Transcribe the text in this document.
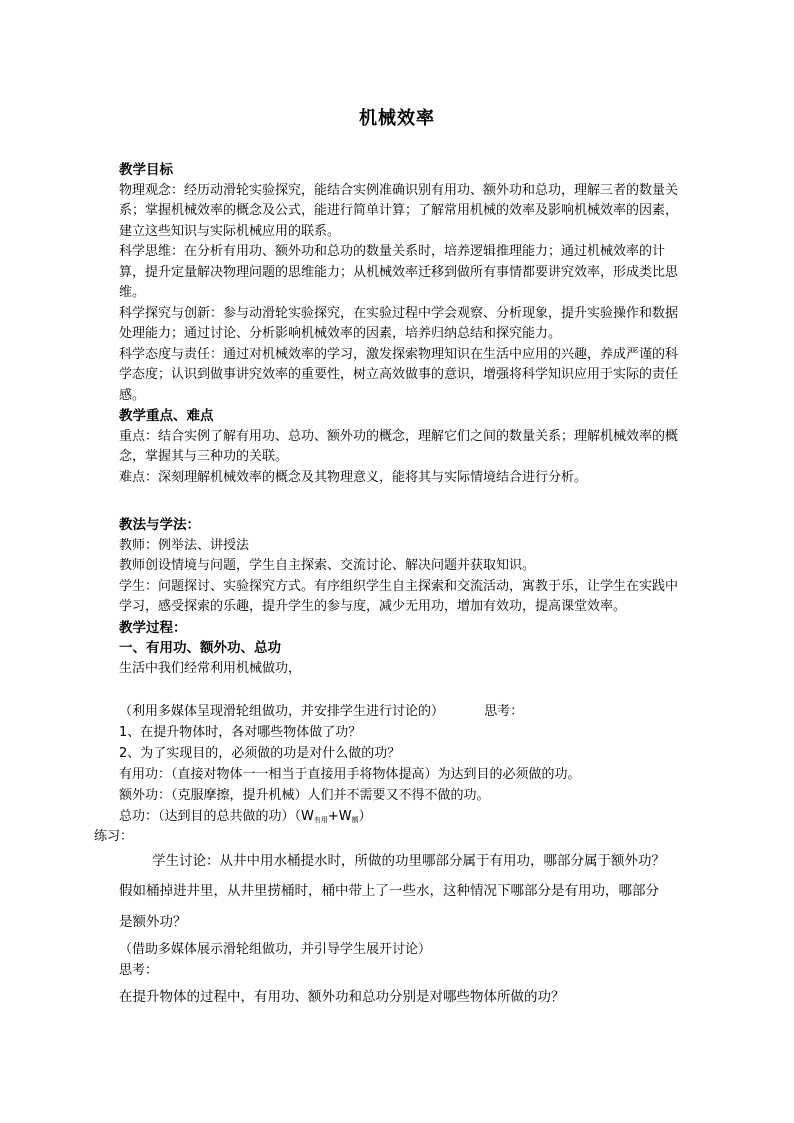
机械效率

教学目标

物理观念：经历动滑轮实验探究，能结合实例准确识别有用功、额外功和总功，理解三者的数量关系；掌握机械效率的概念及公式，能进行简单计算；了解常用机械的效率及影响机械效率的因素，建立这些知识与实际机械应用的联系。

科学思维：在分析有用功、额外功和总功的数量关系时，培养逻辑推理能力；通过机械效率的计算，提升定量解决物理问题的思维能力；从机械效率迁移到做所有事情都要讲究效率，形成类比思维。

科学探究与创新：参与动滑轮实验探究，在实验过程中学会观察、分析现象，提升实验操作和数据处理能力；通过讨论、分析影响机械效率的因素，培养归纳总结和探究能力。

科学态度与责任：通过对机械效率的学习，激发探索物理知识在生活中应用的兴趣，养成严谨的科学态度；认识到做事讲究效率的重要性，树立高效做事的意识，增强将科学知识应用于实际的责任感。

教学重点、难点

重点：结合实例了解有用功、总功、额外功的概念，理解它们之间的数量关系；理解机械效率的概念，掌握其与三种功的关联。

难点：深刻理解机械效率的概念及其物理意义，能将其与实际情境结合进行分析。

教法与学法：

教师：例举法、讲授法

教师创设情境与问题，学生自主探索、交流讨论、解决问题并获取知识。

学生：问题探讨、实验探究方式。有序组织学生自主探索和交流活动，寓教于乐，让学生在实践中学习，感受探索的乐趣，提升学生的参与度，减少无用功，增加有效功，提高课堂效率。

教学过程：

一、有用功、额外功、总功

生活中我们经常利用机械做功，

（利用多媒体呈现滑轮组做功，并安排学生进行讨论的）	思考：
1、在提升物体时，各对哪些物体做了功？
2、为了实现目的，必须做的功是对什么做的功？
有用功：（直接对物体一一相当于直接用手将物体提高）为达到目的必须做的功。
额外功：（克服摩擦，提升机械）人们并不需要又不得不做的功。
总功：（达到目的总共做的功）$(W_{有用}+W_额)$
练习：
学生讨论：从井中用水桶提水时，所做的功里哪部分属于有用功，哪部分属于额外功？
假如桶掉进井里，从井里捞桶时，桶中带上了一些水，这种情况下哪部分是有用功，哪部分
是额外功？
（借助多媒体展示滑轮组做功，并引导学生展开讨论）
思考：
在提升物体的过程中，有用功、额外功和总功分别是对哪些物体所做的功？
